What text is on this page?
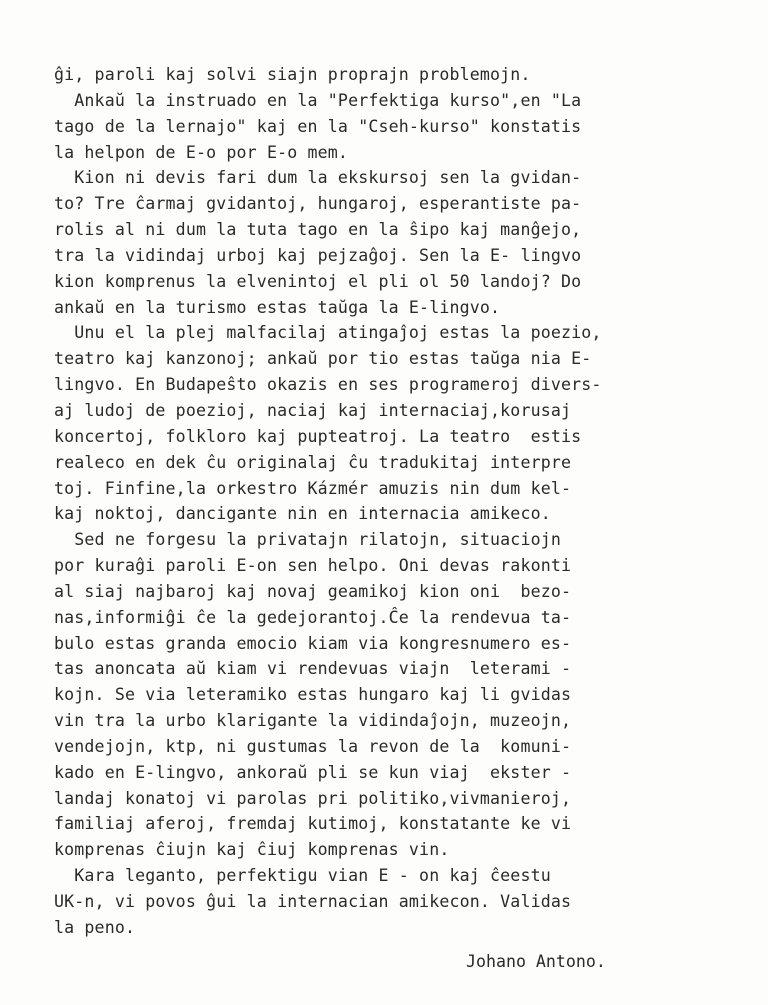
ĝi, paroli kaj solvi siajn proprajn problemojn.
Ankaŭ la instruado en la "Perfektiga kurso",en "La
tago de la lernajo" kaj en la "Cseh-kurso" konstatis
la helpon de E-o por E-o mem.
Kion ni devis fari dum la ekskursoj sen la gvidan-
to? Tre ĉarmaj gvidantoj, hungaroj, esperantiste pa-
rolis al ni dum la tuta tago en la ŝipo kaj manĝejo,
tra la vidindaj urboj kaj pejzaĝoj. Sen la E- lingvo
kion komprenus la elvenintoj el pli ol 50 landoj? Do
ankaŭ en la turismo estas taŭga la E-lingvo.
Unu el la plej malfacilaj atingaĵoj estas la poezio,
teatro kaj kanzonoj; ankaŭ por tio estas taŭga nia E-
lingvo. En Budapeŝto okazis en ses programeroj divers-
aj ludoj de poezioj, naciaj kaj internaciaj,korusaj
koncertoj, folkloro kaj pupteatroj. La teatro  estis
realeco en dek ĉu originalaj ĉu tradukitaj interpre
toj. Finfine,la orkestro Kázmér amuzis nin dum kel-
kaj noktoj, dancigante nin en internacia amikeco.
Sed ne forgesu la privatajn rilatojn, situaciojn
por kuraĝi paroli E-on sen helpo. Oni devas rakonti
al siaj najbaroj kaj novaj geamikoj kion oni  bezo-
nas,informiĝi ĉe la gedejorantoj.Ĉe la rendevua ta-
bulo estas granda emocio kiam via kongresnumero es-
tas anoncata aŭ kiam vi rendevuas viajn  leterami -
kojn. Se via leteramiko estas hungaro kaj li gvidas
vin tra la urbo klarigante la vidindaĵojn, muzeojn,
vendejojn, ktp, ni gustumas la revon de la  komuni-
kado en E-lingvo, ankoraŭ pli se kun viaj  ekster -
landaj konatoj vi parolas pri politiko,vivmanieroj,
familiaj aferoj, fremdaj kutimoj, konstatante ke vi
komprenas ĉiujn kaj ĉiuj komprenas vin.
Kara leganto, perfektigu vian E - on kaj ĉeestu
UK-n, vi povos ĝui la internacian amikecon. Validas
la peno.
Johano Antono.
